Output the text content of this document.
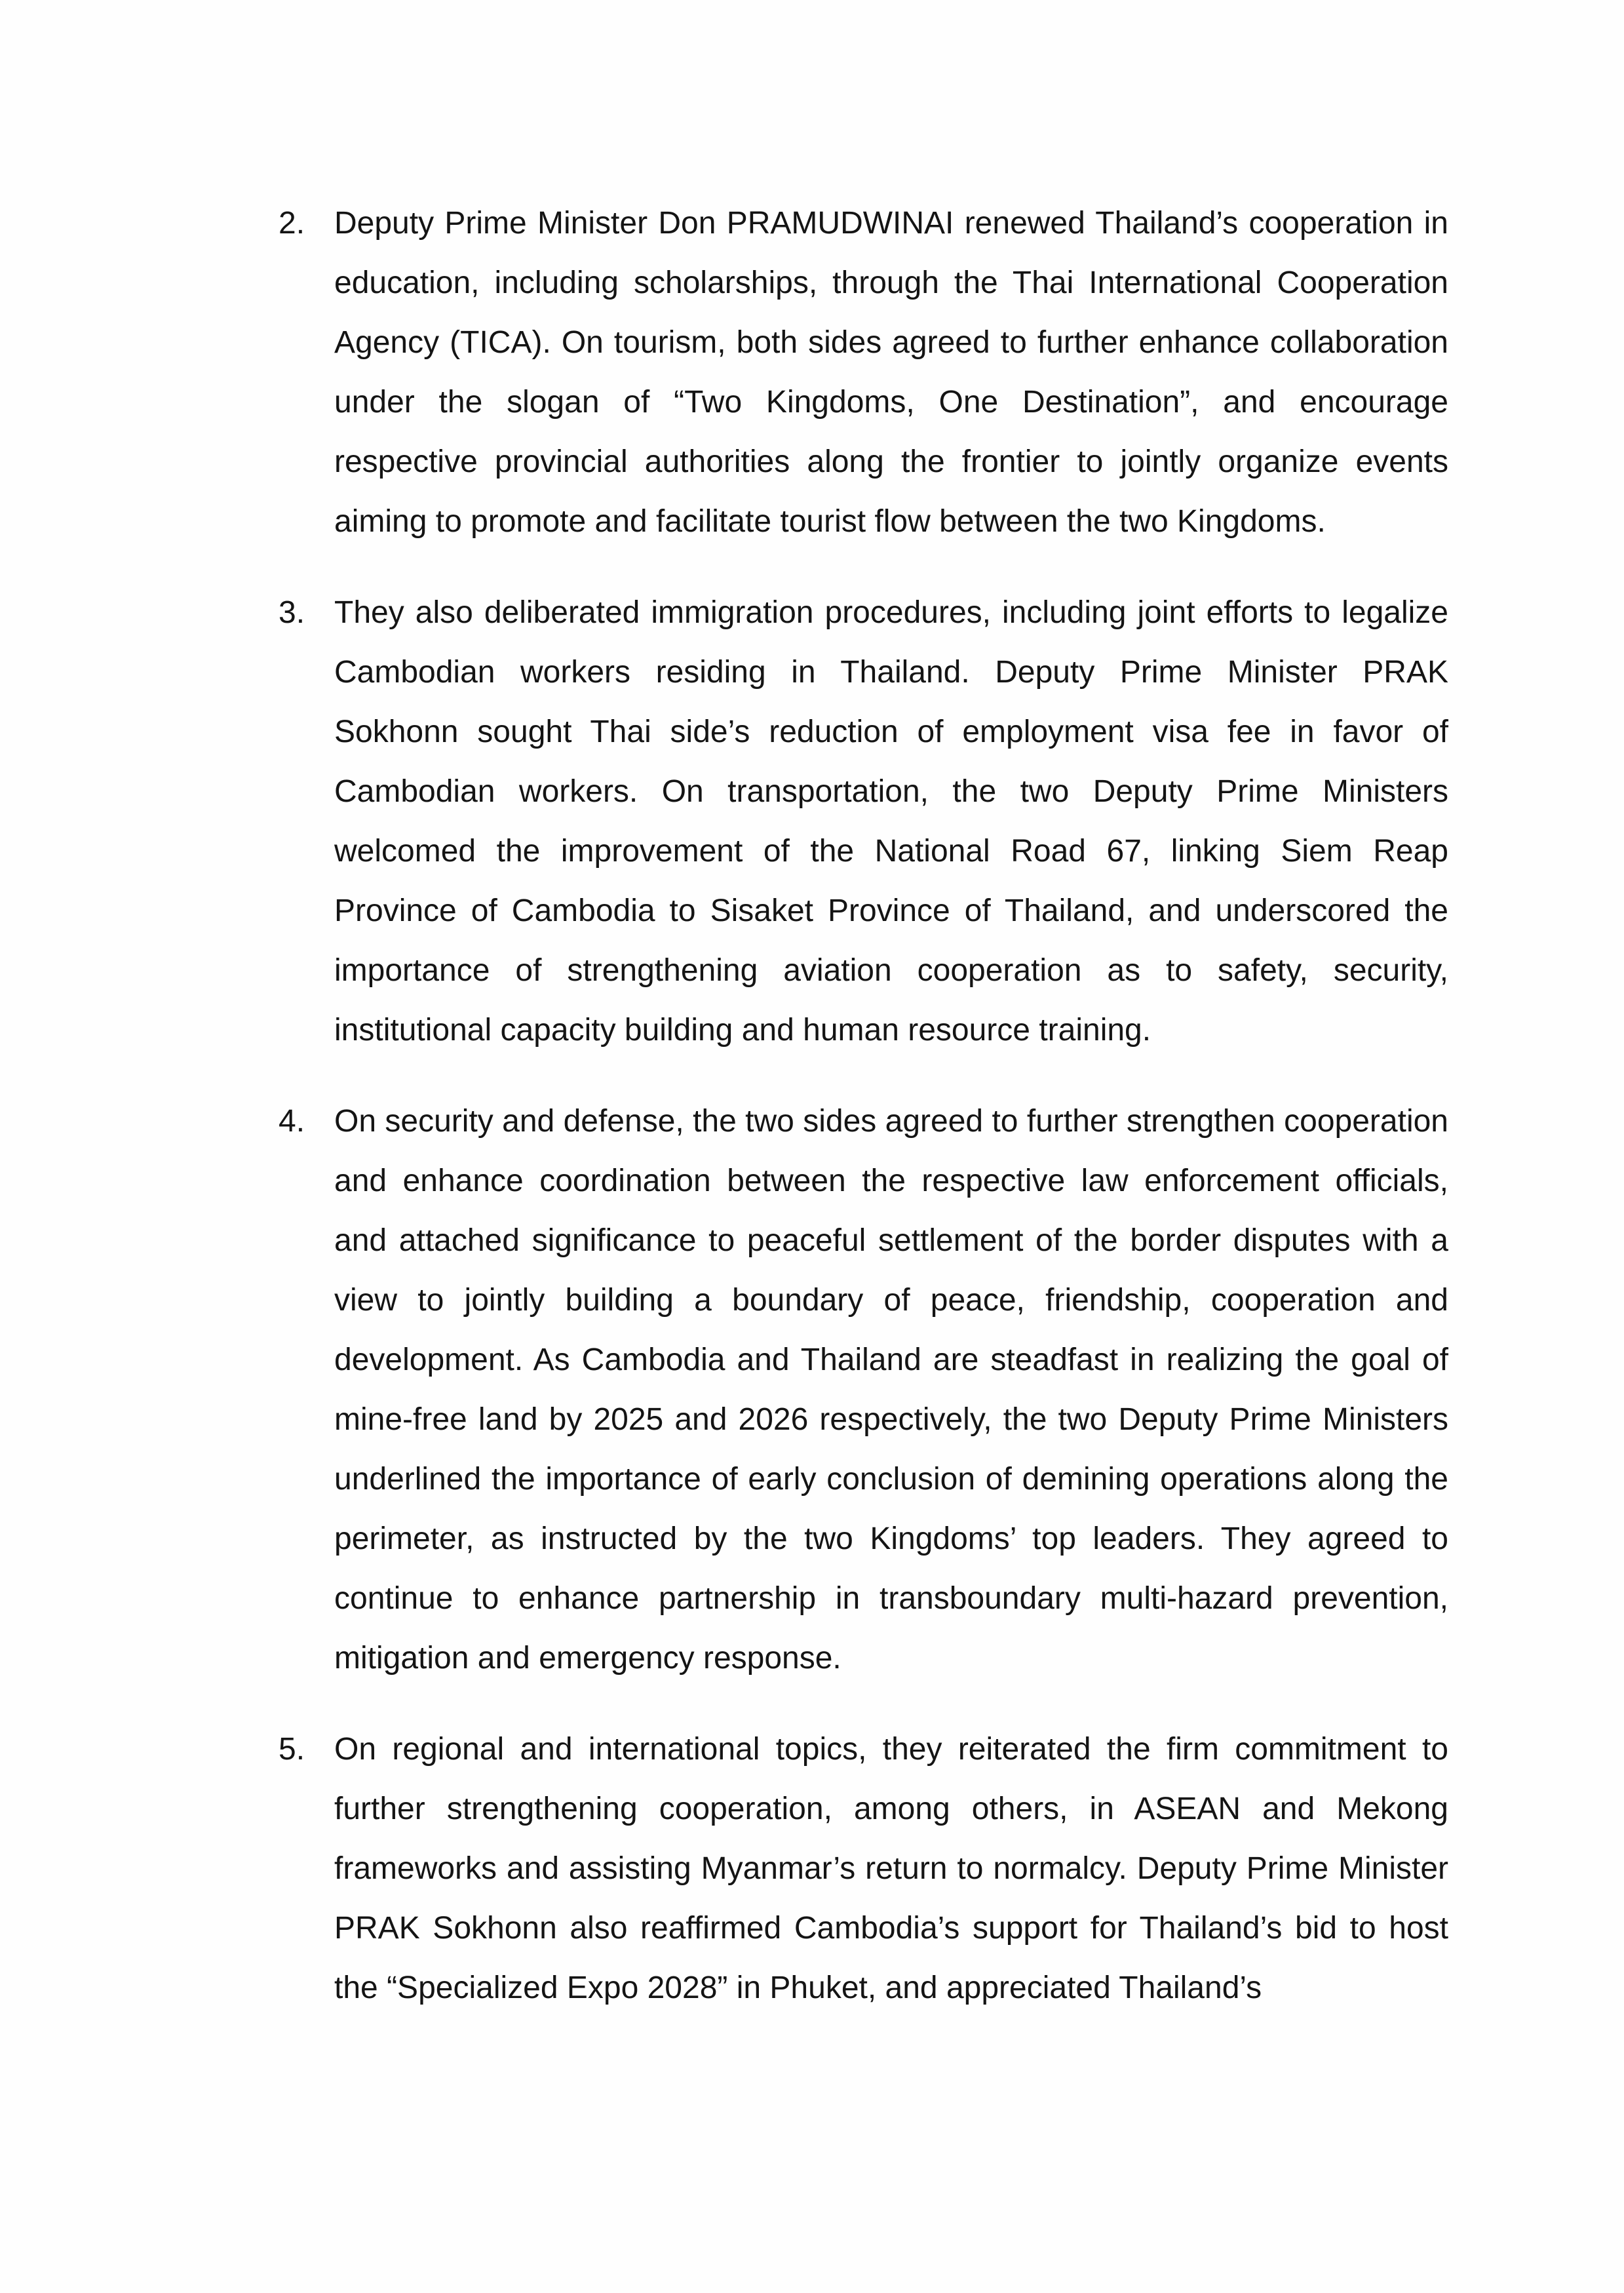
2. Deputy Prime Minister Don PRAMUDWINAI renewed Thailand’s cooperation in education, including scholarships, through the Thai International Cooperation Agency (TICA). On tourism, both sides agreed to further enhance collaboration under the slogan of “Two Kingdoms, One Destination”, and encourage respective provincial authorities along the frontier to jointly organize events aiming to promote and facilitate tourist flow between the two Kingdoms.
3. They also deliberated immigration procedures, including joint efforts to legalize Cambodian workers residing in Thailand. Deputy Prime Minister PRAK Sokhonn sought Thai side’s reduction of employment visa fee in favor of Cambodian workers. On transportation, the two Deputy Prime Ministers welcomed the improvement of the National Road 67, linking Siem Reap Province of Cambodia to Sisaket Province of Thailand, and underscored the importance of strengthening aviation cooperation as to safety, security, institutional capacity building and human resource training.
4. On security and defense, the two sides agreed to further strengthen cooperation and enhance coordination between the respective law enforcement officials, and attached significance to peaceful settlement of the border disputes with a view to jointly building a boundary of peace, friendship, cooperation and development. As Cambodia and Thailand are steadfast in realizing the goal of mine-free land by 2025 and 2026 respectively, the two Deputy Prime Ministers underlined the importance of early conclusion of demining operations along the perimeter, as instructed by the two Kingdoms’ top leaders. They agreed to continue to enhance partnership in transboundary multi-hazard prevention, mitigation and emergency response.
5. On regional and international topics, they reiterated the firm commitment to further strengthening cooperation, among others, in ASEAN and Mekong frameworks and assisting Myanmar’s return to normalcy. Deputy Prime Minister PRAK Sokhonn also reaffirmed Cambodia’s support for Thailand’s bid to host the “Specialized Expo 2028” in Phuket, and appreciated Thailand’s
